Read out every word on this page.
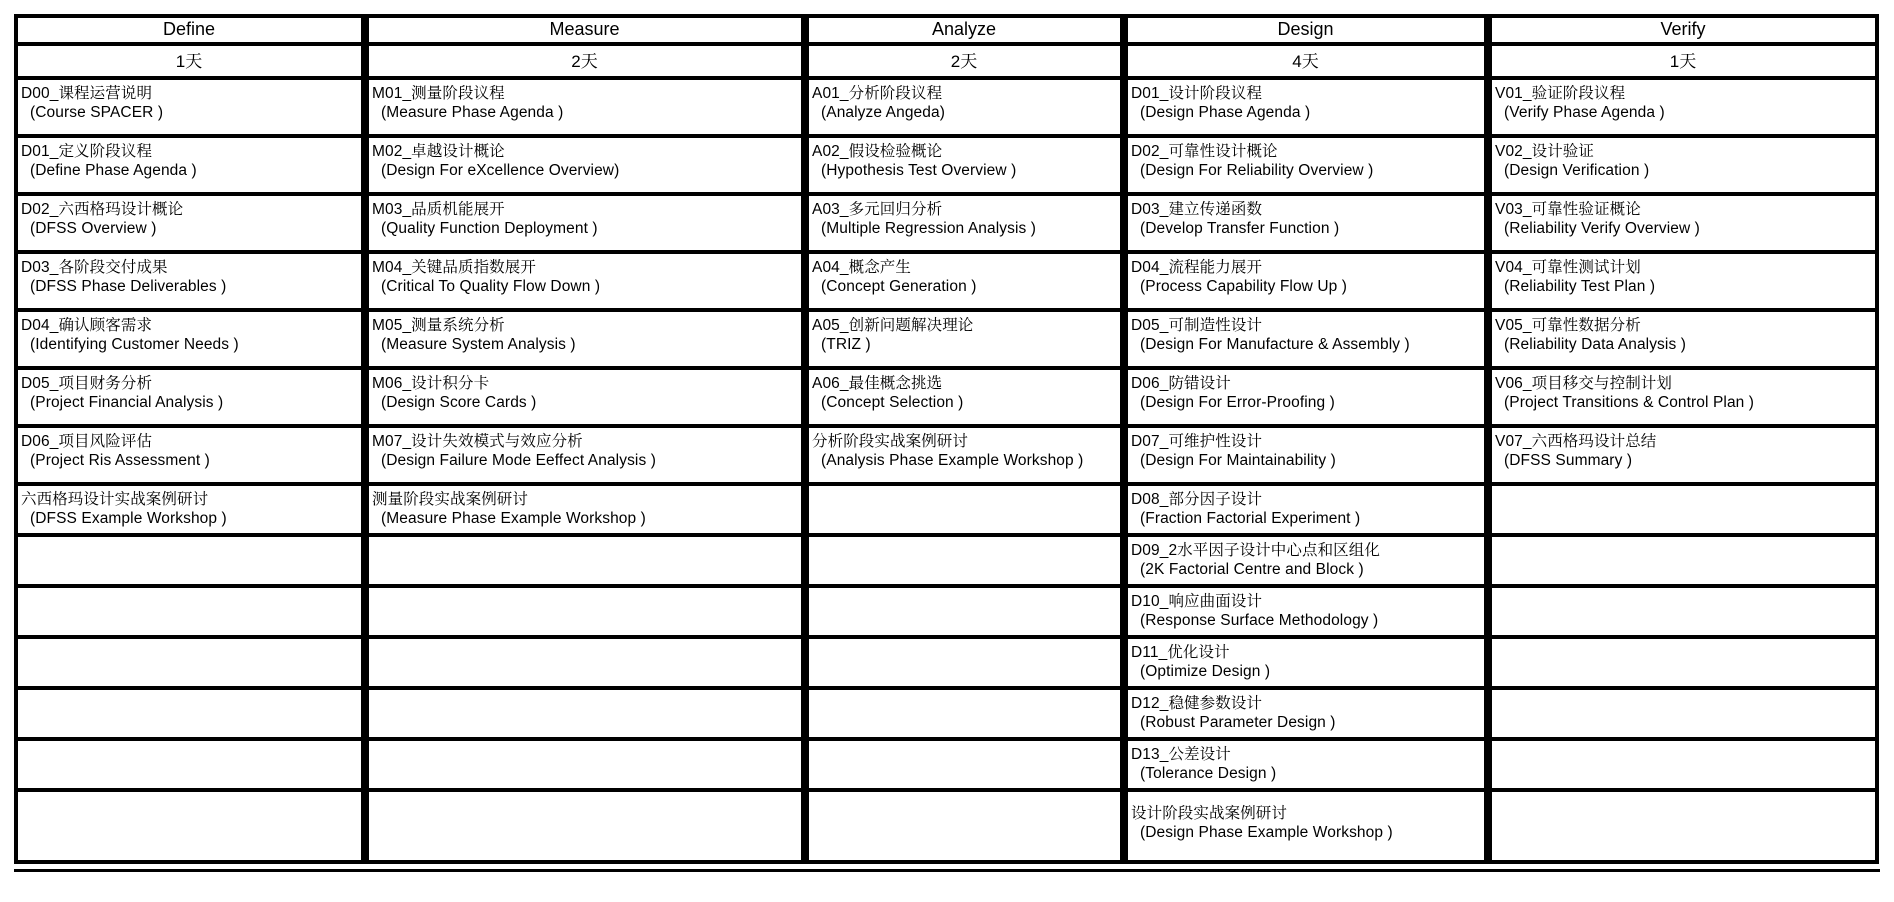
Define
1天
D00_课程运营说明
(Course SPACER )
D01_定义阶段议程
(Define Phase Agenda )
D02_六西格玛设计概论
(DFSS Overview )
D03_各阶段交付成果
(DFSS Phase Deliverables )
D04_确认顾客需求
(Identifying Customer Needs )
D05_项目财务分析
(Project Financial Analysis )
D06_项目风险评估
(Project Ris Assessment )
六西格玛设计实战案例研讨
(DFSS Example Workshop )
Measure
2天
M01_测量阶段议程
(Measure Phase Agenda )
M02_卓越设计概论
(Design For eXcellence Overview)
M03_品质机能展开
(Quality Function Deployment )
M04_关键品质指数展开
(Critical To Quality Flow Down )
M05_测量系统分析
(Measure System Analysis )
M06_设计积分卡
(Design Score Cards )
M07_设计失效模式与效应分析
(Design Failure Mode Eeffect Analysis )
测量阶段实战案例研讨
(Measure Phase Example Workshop )
Analyze
2天
A01_分析阶段议程
(Analyze Angeda)
A02_假设检验概论
(Hypothesis Test Overview )
A03_多元回归分析
(Multiple Regression Analysis )
A04_概念产生
(Concept Generation )
A05_创新问题解决理论
(TRIZ )
A06_最佳概念挑选
(Concept Selection )
分析阶段实战案例研讨
(Analysis Phase Example Workshop )
Design
4天
D01_设计阶段议程
(Design Phase Agenda )
D02_可靠性设计概论
(Design For Reliability Overview )
D03_建立传递函数
(Develop Transfer Function )
D04_流程能力展开
(Process Capability Flow Up )
D05_可制造性设计
(Design For Manufacture & Assembly )
D06_防错设计
(Design For Error-Proofing )
D07_可维护性设计
(Design For Maintainability )
D08_部分因子设计
(Fraction Factorial Experiment )
D09_2水平因子设计中心点和区组化
(2K Factorial Centre and Block )
D10_响应曲面设计
(Response Surface Methodology )
D11_优化设计
(Optimize Design )
D12_稳健参数设计
(Robust Parameter Design )
D13_公差设计
(Tolerance Design )
设计阶段实战案例研讨
(Design Phase Example Workshop )
Verify
1天
V01_验证阶段议程
(Verify Phase Agenda )
V02_设计验证
(Design Verification )
V03_可靠性验证概论
(Reliability Verify Overview )
V04_可靠性测试计划
(Reliability Test Plan )
V05_可靠性数据分析
(Reliability Data Analysis )
V06_项目移交与控制计划
(Project Transitions & Control Plan )
V07_六西格玛设计总结
(DFSS Summary )
